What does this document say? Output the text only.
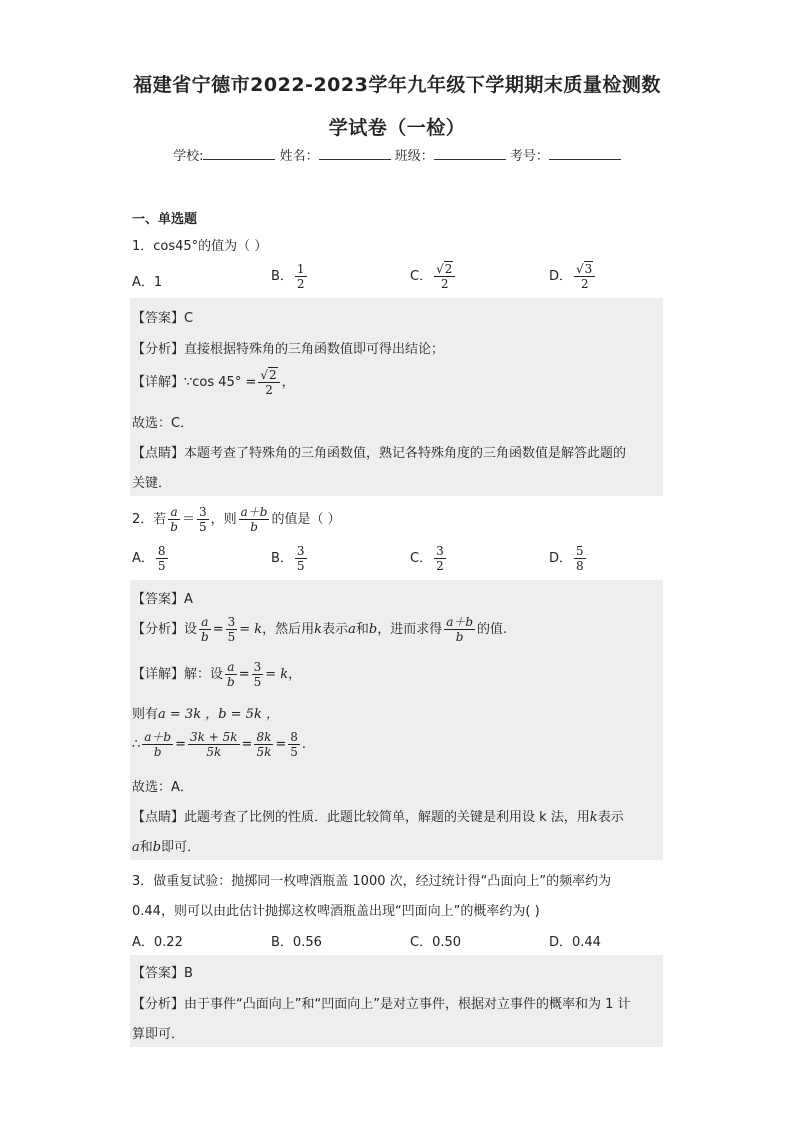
福建省宁德市2022-2023学年九年级下学期期末质量检测数
学试卷（一检）
学校:	姓名：	班级：	考号：
一、单选题
1．cos45°的值为（ ）
A．1	B． $\frac{1}{2}$	C． $\frac{√2}{2}$	D． $\frac{√3}{2}$
【答案】C
【分析】直接根据特殊角的三角函数值即可得出结论；
【详解】∵cos $45^\circ = \frac{√2}{2}$ ，
故选：C．
【点睛】本题考查了特殊角的三角函数值，熟记各特殊角度的三角函数值是解答此题的
关键．
2．若 $\frac{a}{b} = \frac{3}{5}$ ，则 $\frac{a+b}{b}$ 的值是（ ）
A． $\frac{8}{5}$	B． $\frac{3}{5}$	C． $\frac{3}{2}$	D． $\frac{5}{8}$
【答案】A
【分析】设 $\frac{a}{b} = \frac{3}{5} = k$，然后用k表示a和b，进而求得 $\frac{a+b}{b}$ 的值.
【详解】解：设 $\frac{a}{b} = \frac{3}{5} = k$，
则有a = 3k ，b = 5k ，
∴ $\frac{a+b}{b} = \frac{3k + 5k}{5k} = \frac{8k}{5k} = \frac{8}{5}$ .
故选：A．
【点睛】此题考查了比例的性质．此题比较简单，解题的关键是利用设 k 法，用k表示
a和b即可．
3．做重复试验：抛掷同一枚啤酒瓶盖 1000 次，经过统计得“凸面向上”的频率约为
0.44，则可以由此估计抛掷这枚啤酒瓶盖出现“凹面向上”的概率约为( )
A．0.22	B．0.56	C．0.50	D．0.44
【答案】B
【分析】由于事件“凸面向上”和“凹面向上”是对立事件，根据对立事件的概率和为 1 计
算即可．
